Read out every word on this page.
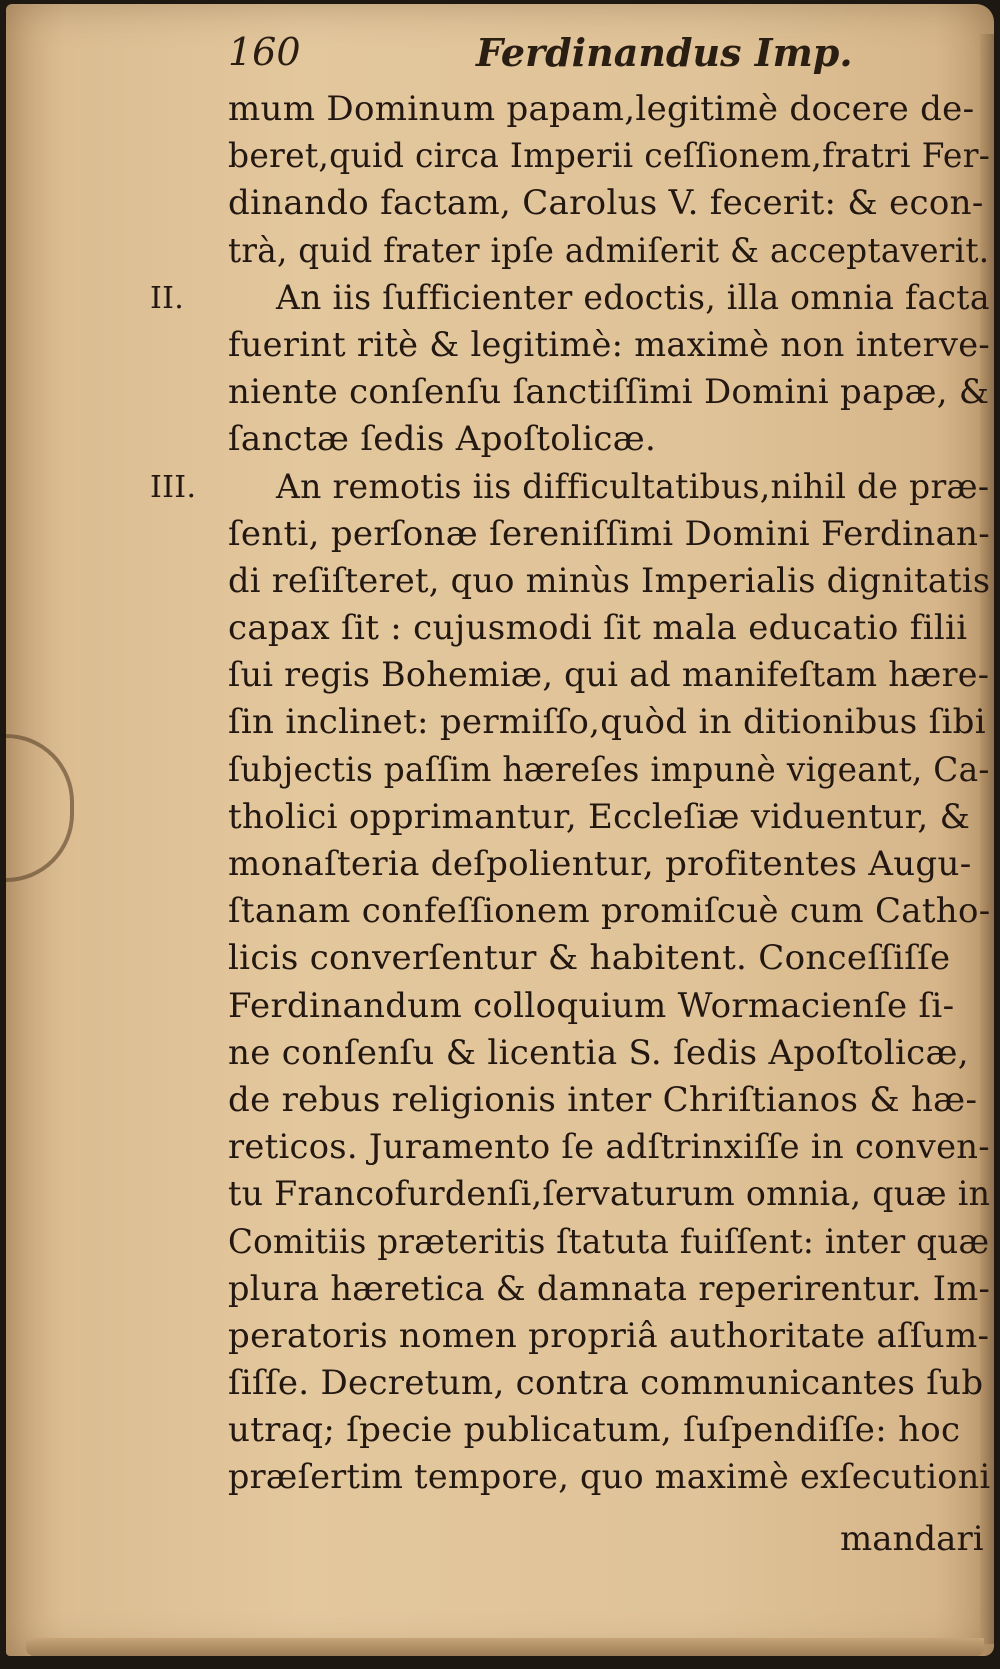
160	Ferdinandus Imp.
mum Dominum papam,legitimè docere de-
beret,quid circa Imperii ceſſionem,fratri Fer-
dinando factam, Carolus V. fecerit: & econ-
trà, quid frater ipſe admiſerit & acceptaverit.
II.	An iis ſufficienter edoctis, illa omnia facta
fuerint ritè & legitimè: maximè non interve-
niente conſenſu ſanctiſſimi Domini papæ, &
ſanctæ ſedis Apoſtolicæ.
III. An remotis iis difficultatibus,nihil de præ-
ſenti, perſonæ ſereniſſimi Domini Ferdinan-
di reſiſteret, quo minùs Imperialis dignitatis
capax ſit : cujusmodi ſit mala educatio filii
ſui regis Bohemiæ, qui ad manifeſtam hære-
ſin inclinet: permiſſo,quòd in ditionibus ſibi
ſubjectis paſſim hæreſes impunè vigeant, Ca-
tholici opprimantur, Eccleſiæ viduentur, &
monaſteria deſpolientur, profitentes Augu-
ſtanam confeſſionem promiſcuè cum Catho-
licis converſentur & habitent. Conceſſiſſe
Ferdinandum colloquium Wormacienſe ſi-
ne conſenſu & licentia S. ſedis Apoſtolicæ,
de rebus religionis inter Chriſtianos & hæ-
reticos. Juramento ſe adſtrinxiſſe in conven-
tu Francofurdenſi,ſervaturum omnia, quæ in
Comitiis præteritis ſtatuta fuiſſent: inter quæ
plura hæretica & damnata reperirentur. Im-
peratoris nomen propriâ authoritate aſſum-
ſiſſe. Decretum, contra communicantes ſub
utraq; ſpecie publicatum, ſuſpendiſſe: hoc
præſertim tempore, quo maximè exſecutioni
mandari
